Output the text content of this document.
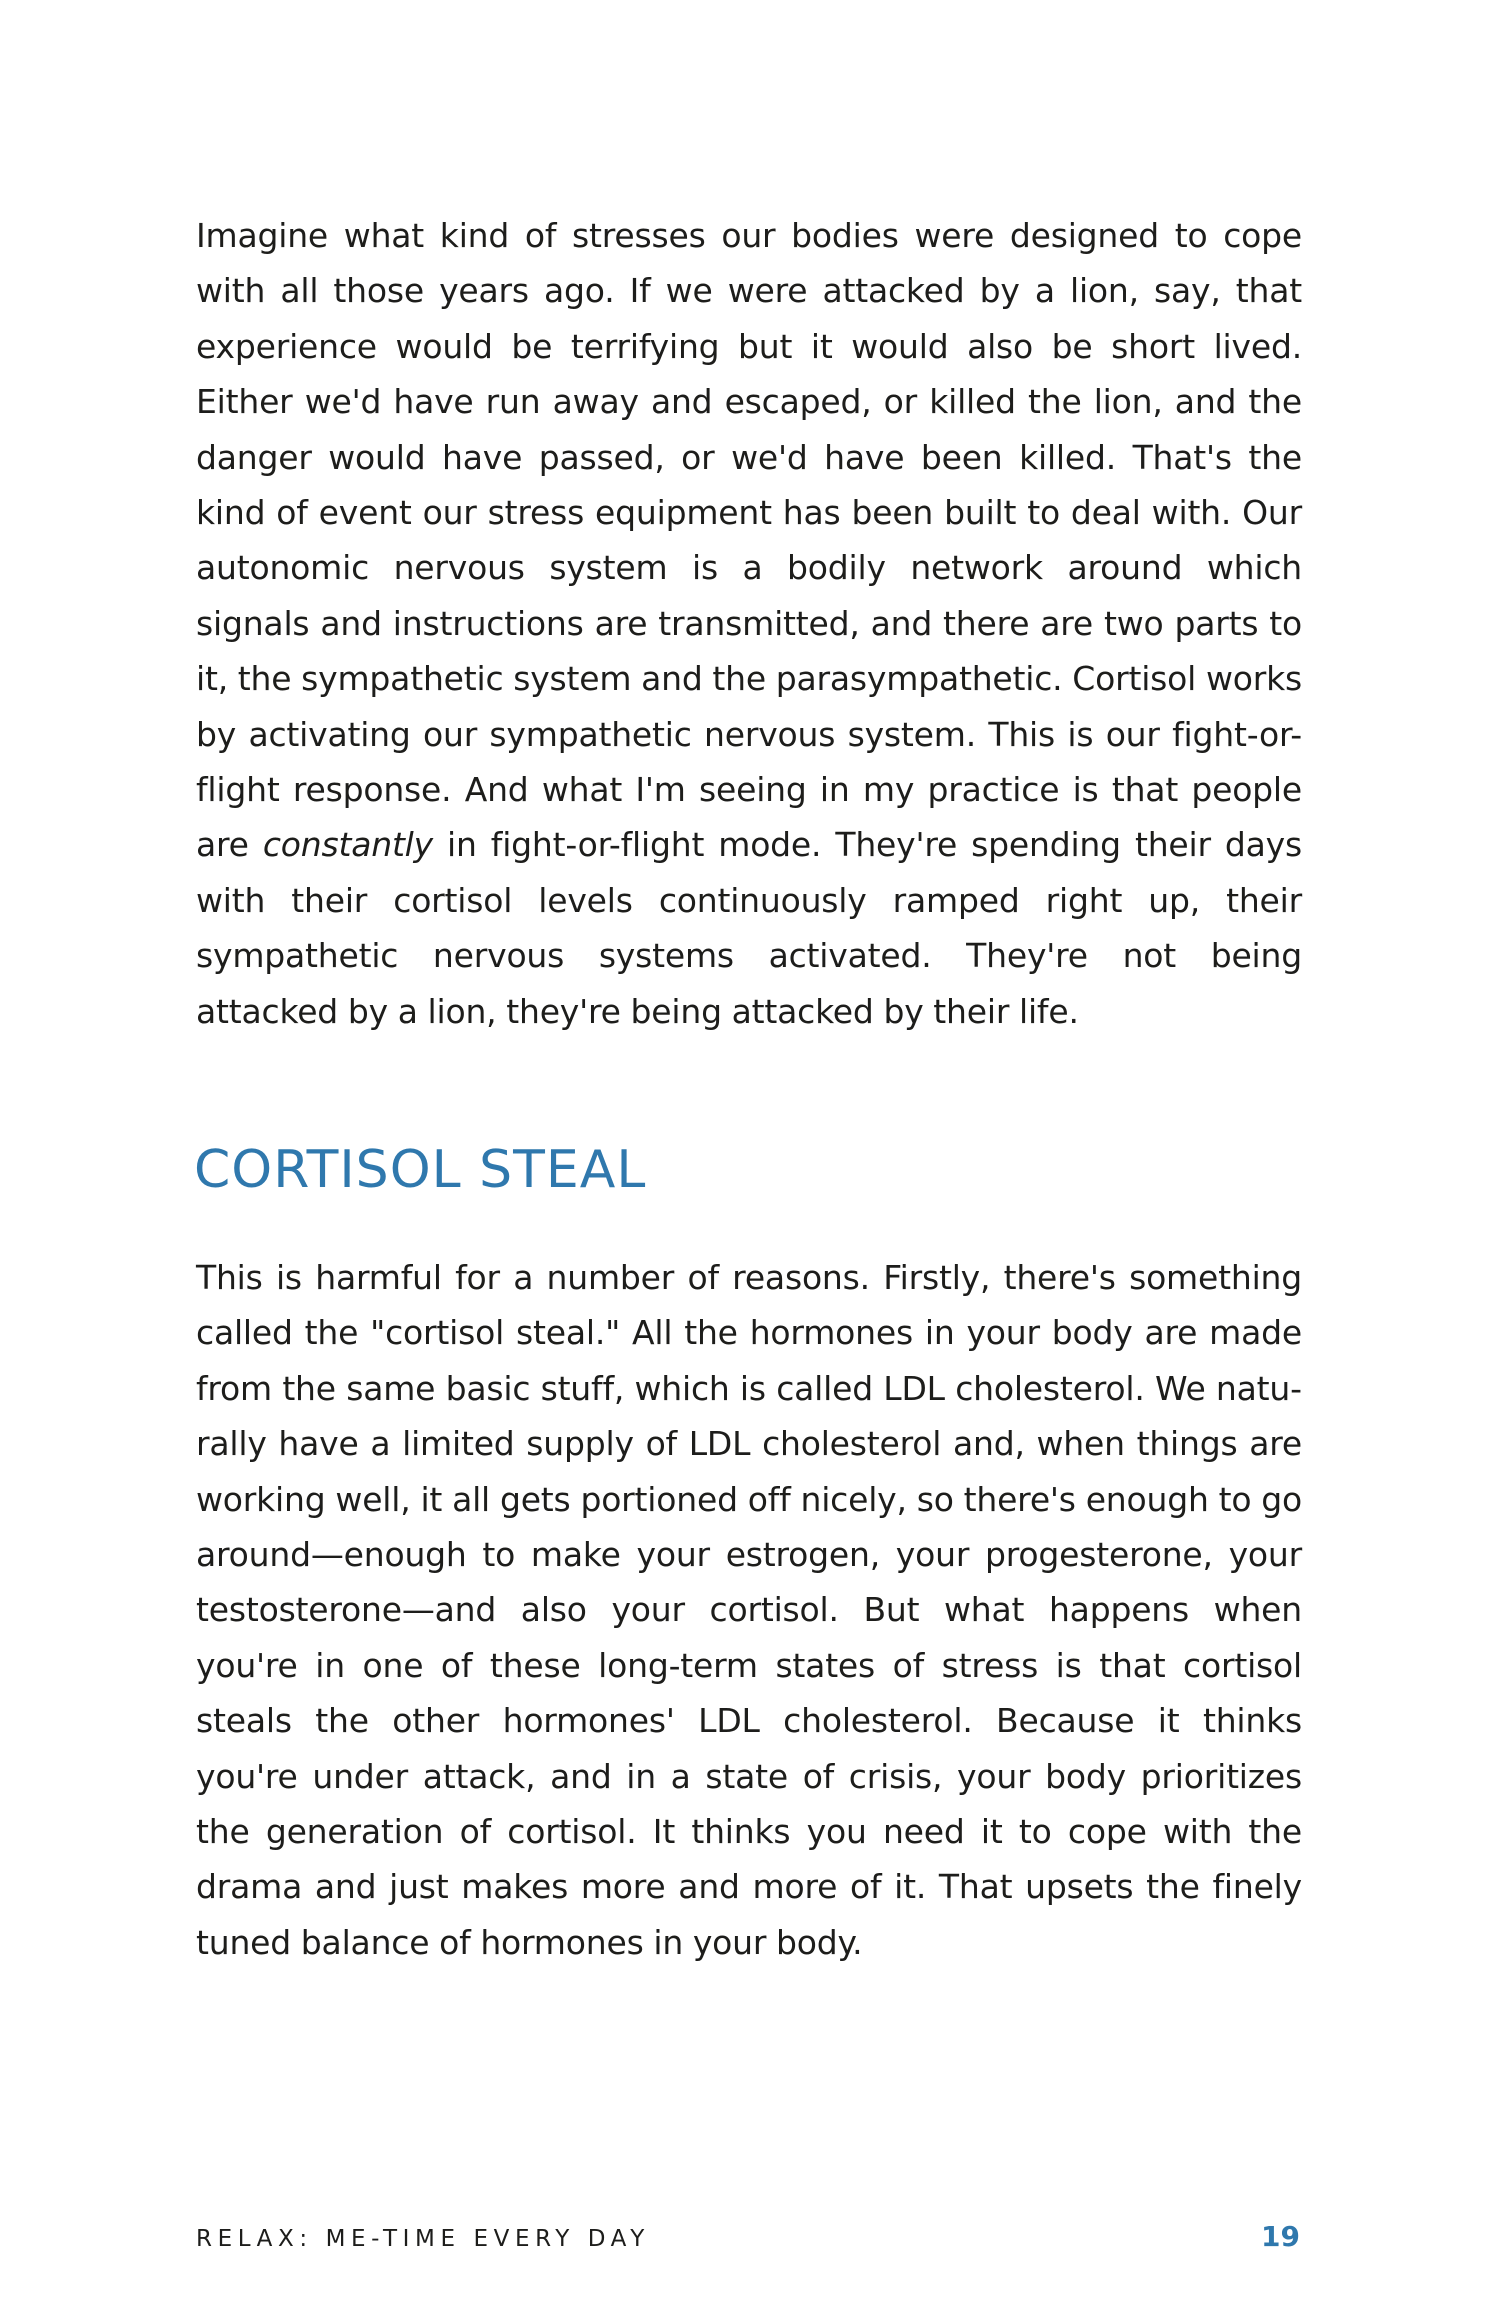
Imagine what kind of stresses our bodies were designed to cope with all those years ago. If we were attacked by a lion, say, that experience would be terrifying but it would also be short lived. Either we'd have run away and escaped, or killed the lion, and the danger would have passed, or we'd have been killed. That's the kind of event our stress equipment has been built to deal with. Our autonomic nervous system is a bodily network around which signals and instructions are transmitted, and there are two parts to it, the sympathetic system and the parasympathetic. Cortisol works by activating our sympathetic nervous system. This is our fight-or-flight response. And what I'm seeing in my practice is that people are constantly in fight-or-flight mode. They're spending their days with their cortisol levels continuously ramped right up, their sympathetic nervous systems activated. They're not being attacked by a lion, they're being attacked by their life.

CORTISOL STEAL

This is harmful for a number of reasons. Firstly, there's something called the "cortisol steal." All the hormones in your body are made from the same basic stuff, which is called LDL cholesterol. We naturally have a limited supply of LDL cholesterol and, when things are working well, it all gets portioned off nicely, so there's enough to go around—enough to make your estrogen, your progesterone, your testosterone—and also your cortisol. But what happens when you're in one of these long-term states of stress is that cortisol steals the other hormones' LDL cholesterol. Because it thinks you're under attack, and in a state of crisis, your body prioritizes the generation of cortisol. It thinks you need it to cope with the drama and just makes more and more of it. That upsets the finely tuned balance of hormones in your body.

RELAX: ME-TIME EVERY DAY	19
